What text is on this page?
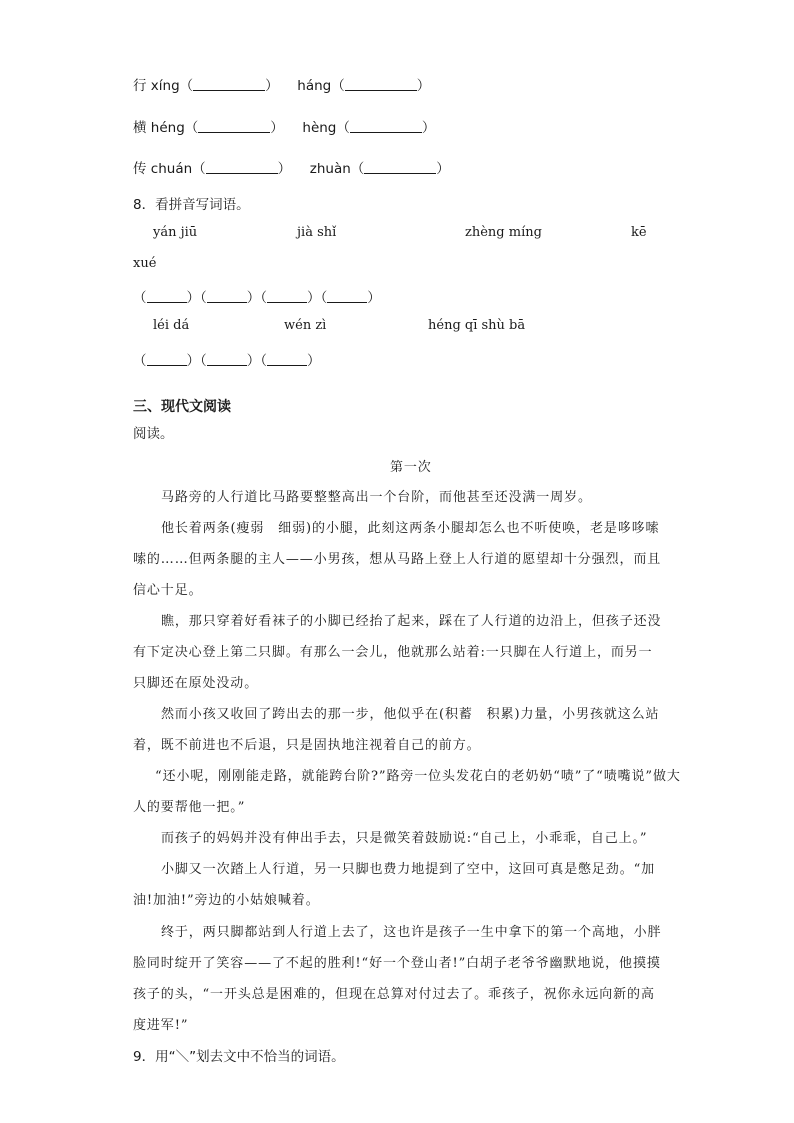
行 xíng（	）  háng（	）
横 héng（	）  hèng（	）
传 chuán（	）  zhuàn（	）
8．看拼音写词语。
yán jiū	jià shǐ	zhèng míng	kē
xué
（	）（	）（	）（	）
léi dá	wén zì	héng qī shù bā
（	）（	）（	）
三、现代文阅读
阅读。
第一次
马路旁的人行道比马路要整整高出一个台阶，而他甚至还没满一周岁。
他长着两条(瘦弱　细弱)的小腿，此刻这两条小腿却怎么也不听使唤，老是哆哆嗦
嗦的……但两条腿的主人——小男孩，想从马路上登上人行道的愿望却十分强烈，而且
信心十足。
瞧，那只穿着好看袜子的小脚已经抬了起来，踩在了人行道的边沿上，但孩子还没
有下定决心登上第二只脚。有那么一会儿，他就那么站着:一只脚在人行道上，而另一
只脚还在原处没动。
然而小孩又收回了跨出去的那一步，他似乎在(积蓄　积累)力量，小男孩就这么站
着，既不前进也不后退，只是固执地注视着自己的前方。
“还小呢，刚刚能走路，就能跨台阶?”路旁一位头发花白的老奶奶“啧”了“啧嘴说”做大
人的要帮他一把。”
而孩子的妈妈并没有伸出手去，只是微笑着鼓励说:“自己上，小乖乖，自己上。”
小脚又一次踏上人行道，另一只脚也费力地提到了空中，这回可真是憋足劲。“加
油!加油!”旁边的小姑娘喊着。
终于，两只脚都站到人行道上去了，这也许是孩子一生中拿下的第一个高地，小胖
脸同时绽开了笑容——了不起的胜利!“好一个登山者!”白胡子老爷爷幽默地说，他摸摸
孩子的头，“一开头总是困难的，但现在总算对付过去了。乖孩子，祝你永远向新的高
度进军!”
9．用“＼”划去文中不恰当的词语。
